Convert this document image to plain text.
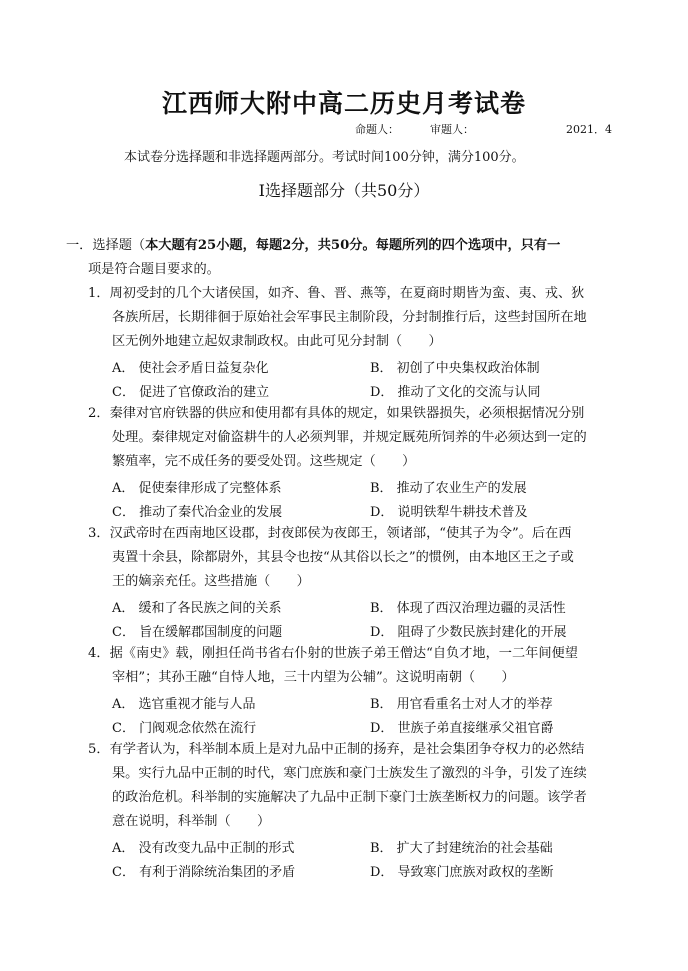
江西师大附中高二历史月考试卷
命题人：	审题人：	2021．4
本试卷分选择题和非选择题两部分。考试时间100分钟，满分100分。
Ⅰ选择题部分（共50分）
一．选择题（本大题有25小题，每题2分，共50分。每题所列的四个选项中，只有一
项是符合题目要求的。
1．周初受封的几个大诸侯国，如齐、鲁、晋、燕等，在夏商时期皆为蛮、夷、戎、狄
各族所居，长期徘徊于原始社会军事民主制阶段，分封制推行后，这些封国所在地
区无例外地建立起奴隶制政权。由此可见分封制（　　）
A． 使社会矛盾日益复杂化	B． 初创了中央集权政治体制
C． 促进了官僚政治的建立	D． 推动了文化的交流与认同
2．秦律对官府铁器的供应和使用都有具体的规定，如果铁器损失，必须根据情况分别
处理。秦律规定对偷盗耕牛的人必须判罪，并规定厩苑所饲养的牛必须达到一定的
繁殖率，完不成任务的要受处罚。这些规定（　　）
A． 促使秦律形成了完整体系	B． 推动了农业生产的发展
C． 推动了秦代冶金业的发展	D． 说明铁犁牛耕技术普及
3．汉武帝时在西南地区设郡，封夜郎侯为夜郎王，领诸部，“使其子为令”。后在西
夷置十余县，除都尉外，其县令也按“从其俗以长之”的惯例，由本地区王之子或
王的嫡亲充任。这些措施（　　）
A． 缓和了各民族之间的关系	B． 体现了西汉治理边疆的灵活性
C． 旨在缓解郡国制度的问题	D． 阻碍了少数民族封建化的开展
4．据《南史》载，刚担任尚书省右仆射的世族子弟王僧达“自负才地，一二年间便望
宰相”；其孙王融“自恃人地，三十内望为公辅”。这说明南朝（　　）
A． 选官重视才能与人品	B． 用官看重名士对人才的举荐
C． 门阀观念依然在流行	D． 世族子弟直接继承父祖官爵
5．有学者认为，科举制本质上是对九品中正制的扬弃，是社会集团争夺权力的必然结
果。实行九品中正制的时代，寒门庶族和豪门士族发生了激烈的斗争，引发了连续
的政治危机。科举制的实施解决了九品中正制下豪门士族垄断权力的问题。该学者
意在说明，科举制（　　）
A． 没有改变九品中正制的形式	B． 扩大了封建统治的社会基础
C． 有利于消除统治集团的矛盾	D． 导致寒门庶族对政权的垄断
